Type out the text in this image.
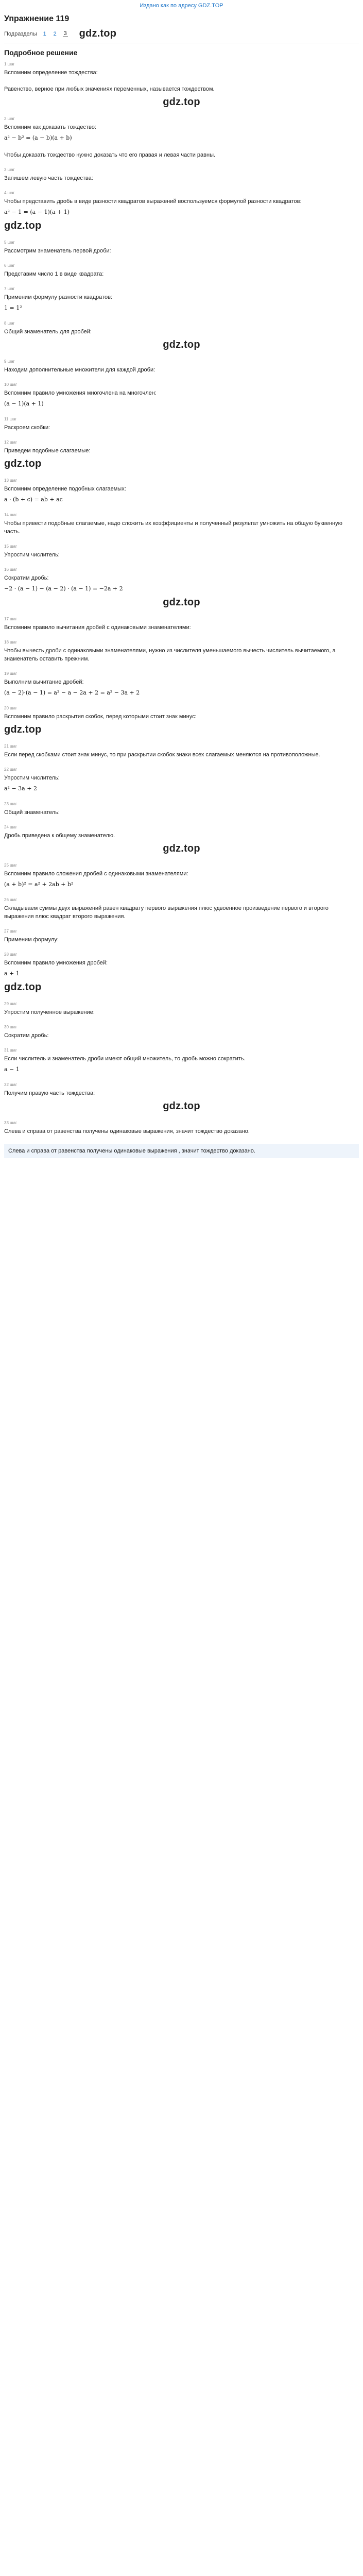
Издано как по адресу GDZ.TOP
Упражнение 119
Подразделы 1 2 3 gdz.top
Подробное решение
1 шаг
Вспомним определение тождества:
Равенство, верное при любых значениях переменных, называется тождеством.
gdz.top
2 шаг
Вспомним как доказать тождество:
a² − b² = (a − b)(a + b)
Чтобы доказать тождество нужно доказать что его правая и левая части равны.
3 шаг
Запишем левую часть тождества:
4 шаг
Чтобы представить дробь в виде разности квадратов выражений воспользуемся формулой разности квадратов:
a² − 1 = (a − 1)(a + 1)
gdz.top
5 шаг
Рассмотрим знаменатель первой дроби:
6 шаг
Представим число 1 в виде квадрата:
7 шаг
Применим формулу разности квадратов:
1 = 1²
8 шаг
Общий знаменатель для дробей:
gdz.top
9 шаг
Находим дополнительные множители для каждой дроби:
10 шаг
Вспомним правило умножения многочлена на многочлен:
(a − 1)(a + 1)
11 шаг
Раскроем скобки:
12 шаг
Приведем подобные слагаемые:
gdz.top
13 шаг
Вспомним определение подобных слагаемых:
a · (b + c) = ab + ac
14 шаг
Чтобы привести подобные слагаемые, надо сложить их коэффициенты и полученный результат умножить на общую буквенную часть.
15 шаг
Упростим числитель:
16 шаг
Сократим дробь:
−2 · (a − 1) − (a − 2) · (a − 1) = −2a + 2
gdz.top
17 шаг
Вспомним правило вычитания дробей с одинаковыми знаменателями:
18 шаг
Чтобы вычесть дроби с одинаковыми знаменателями, нужно из числителя уменьшаемого вычесть числитель вычитаемого, а знаменатель оставить прежним.
19 шаг
Выполним вычитание дробей:
(a − 2)·(a − 1) = a² − a − 2a + 2 = a² − 3a + 2
20 шаг
Вспомним правило раскрытия скобок, перед которыми стоит знак минус:
gdz.top
21 шаг
Если перед скобками стоит знак минус, то при раскрытии скобок знаки всех слагаемых меняются на противоположные.
22 шаг
Упростим числитель:
a² − 3a + 2
23 шаг
Общий знаменатель:
24 шаг
Дробь приведена к общему знаменателю.
gdz.top
25 шаг
Вспомним правило сложения дробей с одинаковыми знаменателями:
(a + b)² = a² + 2ab + b²
26 шаг
Складываем суммы двух выражений равен квадрату первого выражения плюс удвоенное произведение первого и второго выражения плюс квадрат второго выражения.
27 шаг
Применим формулу:
28 шаг
Вспомним правило умножения дробей:
a + 1
gdz.top
29 шаг
Упростим полученное выражение:
30 шаг
Сократим дробь:
31 шаг
Если числитель и знаменатель дроби имеют общий множитель, то дробь можно сократить.
a − 1
32 шаг
Получим правую часть тождества:
gdz.top
33 шаг
Слева и справа от равенства получены одинаковые выражения, значит тождество доказано.
Слева и справа от равенства получены одинаковые выражения , значит тождество доказано.
